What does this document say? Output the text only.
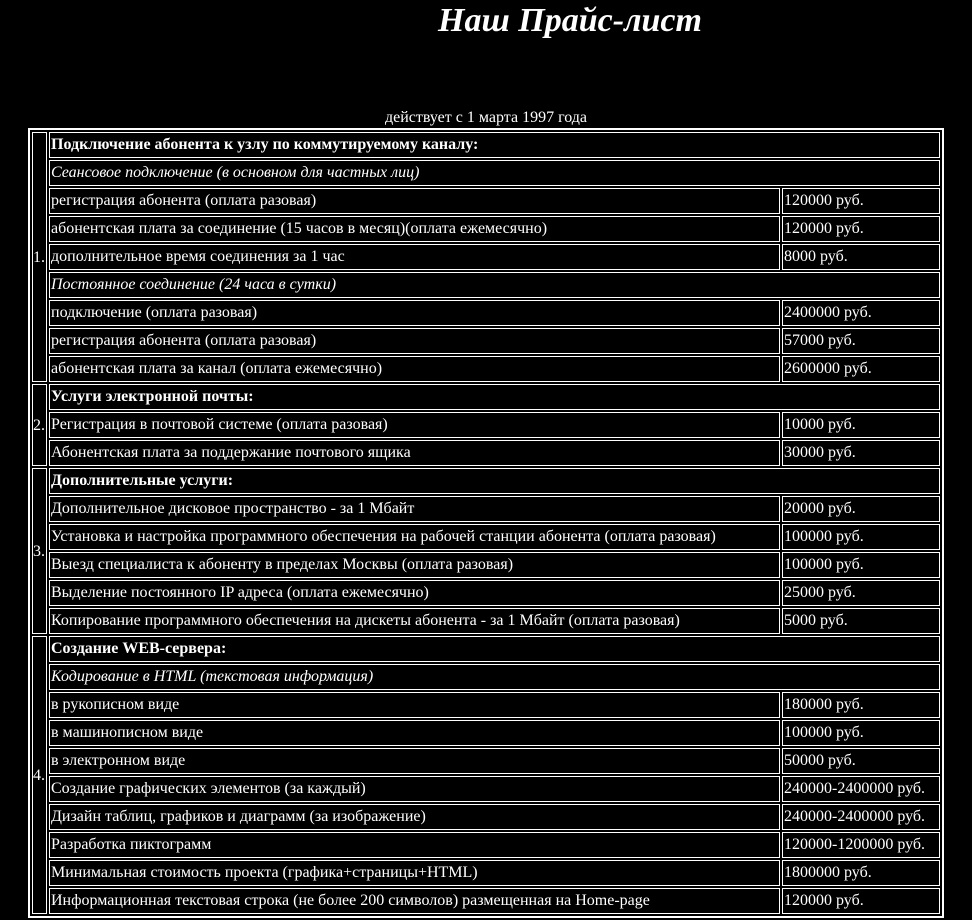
Наш Прайс-лист
действует с 1 марта 1997 года
1.	Подключение абонента к узлу по коммутируемому каналу:	
	Сеансовое подключение (в основном для частных лиц)	
	регистрация абонента (оплата разовая)	120000 руб.
	абонентская плата за соединение (15 часов в месяц)(оплата ежемесячно)	120000 руб.
	дополнительное время соединения за 1 час	8000 руб.
	Постоянное соединение (24 часа в сутки)	
	подключение (оплата разовая)	2400000 руб.
	регистрация абонента (оплата разовая)	57000 руб.
	абонентская плата за канал (оплата ежемесячно)	2600000 руб.
2.	Услуги электронной почты:	
	Регистрация в почтовой системе (оплата разовая)	10000 руб.
	Абонентская плата за поддержание почтового ящика	30000 руб.
3.	Дополнительные услуги:	
	Дополнительное дисковое пространство - за 1 Мбайт	20000 руб.
	Установка и настройка программного обеспечения на рабочей станции абонента (оплата разовая)	100000 руб.
	Выезд специалиста к абоненту в пределах Москвы (оплата разовая)	100000 руб.
	Выделение постоянного IP адреса (оплата ежемесячно)	25000 руб.
	Копирование программного обеспечения на дискеты абонента - за 1 Мбайт (оплата разовая)	5000 руб.
4.	Создание WEB-сервера:	
	Кодирование в HTML (текстовая информация)	
	в рукописном виде	180000 руб.
	в машинописном виде	100000 руб.
	в электронном виде	50000 руб.
	Создание графических элементов (за каждый)	240000-2400000 руб.
	Дизайн таблиц, графиков и диаграмм (за изображение)	240000-2400000 руб.
	Разработка пиктограмм	120000-1200000 руб.
	Минимальная стоимость проекта (графика+страницы+HTML)	1800000 руб.
	Информационная текстовая строка (не более 200 символов) размещенная на Home-page	120000 руб.
